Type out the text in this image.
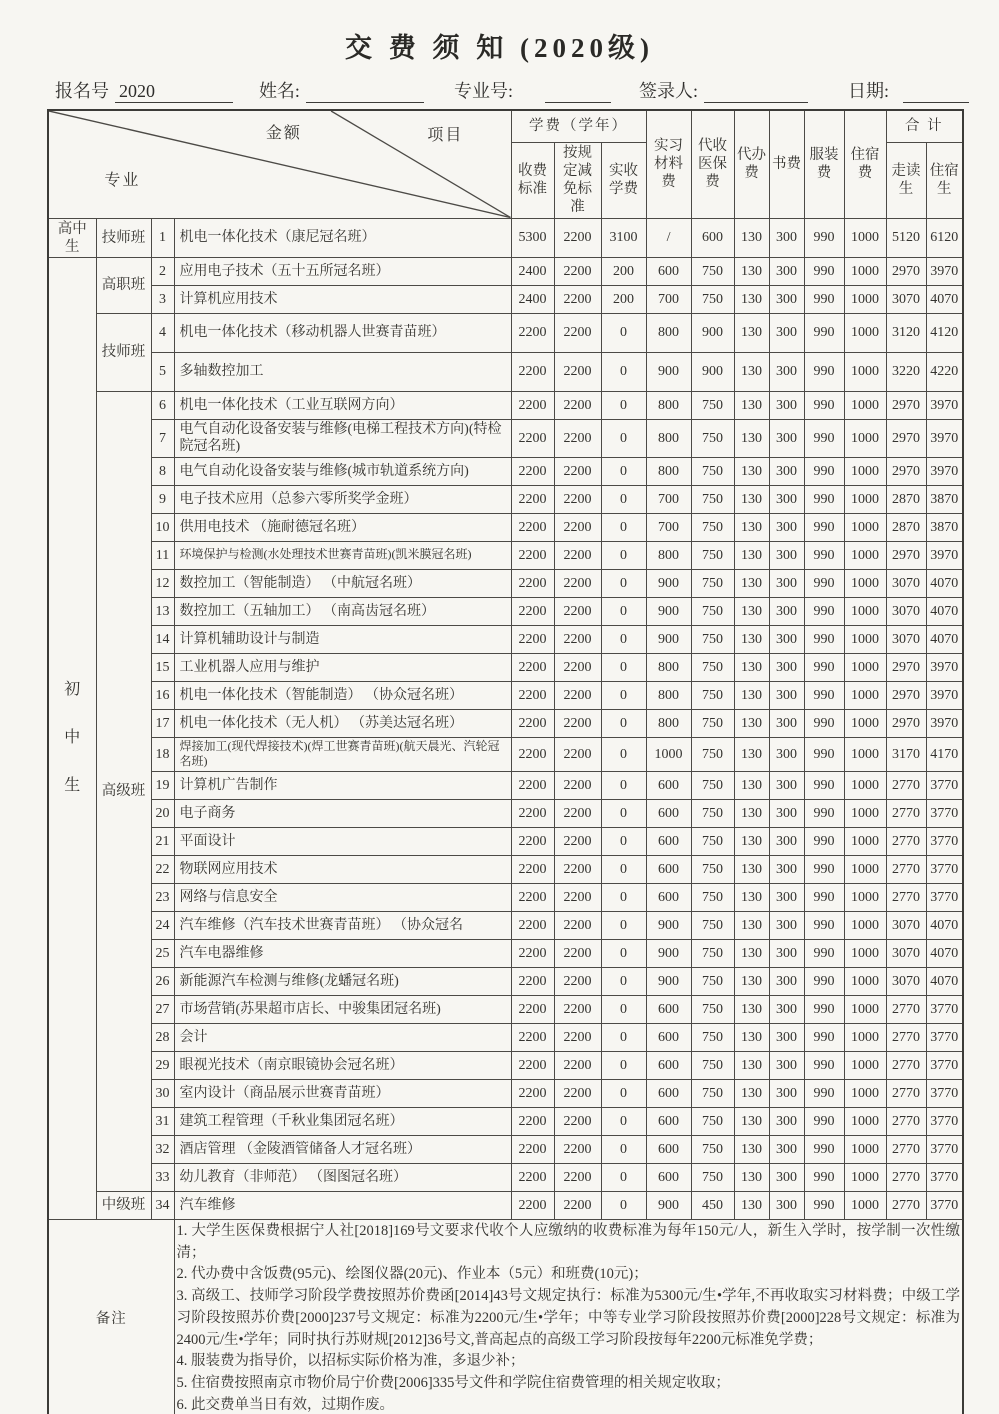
交 费 须 知 (2020级)
报名号 2020	姓名:	专业号:	签录人:	日期:
金额 项目
专业				学费（学年）			实习材料费	代收医保费	代办费	书费	服装费	住宿费	合 计	
				收费标准	按规定减免标准	实收学费							走读生	住宿生
高中生	技师班	1	机电一体化技术（康尼冠名班）	5300	2200	3100	/	600	130	300	990	1000	5120	6120

初
中
生	高职班	2	应用电子技术（五十五所冠名班）	2400	2200	200	600	750	130	300	990	1000	2970	3970
		3	计算机应用技术	2400	2200	200	700	750	130	300	990	1000	3070	4070
	技师班	4	机电一体化技术（移动机器人世赛青苗班）	2200	2200	0	800	900	130	300	990	1000	3120	4120
		5	多轴数控加工	2200	2200	0	900	900	130	300	990	1000	3220	4220
	高级班	6	机电一体化技术（工业互联网方向）	2200	2200	0	800	750	130	300	990	1000	2970	3970
		7	电气自动化设备安装与维修(电梯工程技术方向)(特检院冠名班)	2200	2200	0	800	750	130	300	990	1000	2970	3970
		8	电气自动化设备安装与维修(城市轨道系统方向)	2200	2200	0	800	750	130	300	990	1000	2970	3970
		9	电子技术应用（总参六零所奖学金班）	2200	2200	0	700	750	130	300	990	1000	2870	3870
		10	供用电技术 （施耐德冠名班）	2200	2200	0	700	750	130	300	990	1000	2870	3870
		11	环境保护与检测(水处理技术世赛青苗班)(凯米膜冠名班)	2200	2200	0	800	750	130	300	990	1000	2970	3970
		12	数控加工（智能制造） （中航冠名班）	2200	2200	0	900	750	130	300	990	1000	3070	4070
		13	数控加工（五轴加工） （南高齿冠名班）	2200	2200	0	900	750	130	300	990	1000	3070	4070
		14	计算机辅助设计与制造	2200	2200	0	900	750	130	300	990	1000	3070	4070
		15	工业机器人应用与维护	2200	2200	0	800	750	130	300	990	1000	2970	3970
		16	机电一体化技术（智能制造） （协众冠名班）	2200	2200	0	800	750	130	300	990	1000	2970	3970
		17	机电一体化技术（无人机） （苏美达冠名班）	2200	2200	0	800	750	130	300	990	1000	2970	3970
		18	焊接加工(现代焊接技术)(焊工世赛青苗班)(航天晨光、汽轮冠名班)	2200	2200	0	1000	750	130	300	990	1000	3170	4170
		19	计算机广告制作	2200	2200	0	600	750	130	300	990	1000	2770	3770
		20	电子商务	2200	2200	0	600	750	130	300	990	1000	2770	3770
		21	平面设计	2200	2200	0	600	750	130	300	990	1000	2770	3770
		22	物联网应用技术	2200	2200	0	600	750	130	300	990	1000	2770	3770
		23	网络与信息安全	2200	2200	0	600	750	130	300	990	1000	2770	3770
		24	汽车维修（汽车技术世赛青苗班） （协众冠名	2200	2200	0	900	750	130	300	990	1000	3070	4070
		25	汽车电器维修	2200	2200	0	900	750	130	300	990	1000	3070	4070
		26	新能源汽车检测与维修(龙蟠冠名班)	2200	2200	0	900	750	130	300	990	1000	3070	4070
		27	市场营销(苏果超市店长、中骏集团冠名班)	2200	2200	0	600	750	130	300	990	1000	2770	3770
		28	会计	2200	2200	0	600	750	130	300	990	1000	2770	3770
		29	眼视光技术（南京眼镜协会冠名班）	2200	2200	0	600	750	130	300	990	1000	2770	3770
		30	室内设计（商品展示世赛青苗班）	2200	2200	0	600	750	130	300	990	1000	2770	3770
		31	建筑工程管理（千秋业集团冠名班）	2200	2200	0	600	750	130	300	990	1000	2770	3770
		32	酒店管理 （金陵酒管储备人才冠名班）	2200	2200	0	600	750	130	300	990	1000	2770	3770
		33	幼儿教育（非师范） （图图冠名班）	2200	2200	0	600	750	130	300	990	1000	2770	3770
	中级班	34	汽车维修	2200	2200	0	900	450	130	300	990	1000	2770	3770
备注	
1. 大学生医保费根据宁人社[2018]169号文要求代收个人应缴纳的收费标准为每年150元/人，新生入学时，按学制一次性缴清；
2. 代办费中含饭费(95元)、绘图仪器(20元)、作业本（5元）和班费(10元)；
3. 高级工、技师学习阶段学费按照苏价费函[2014]43号文规定执行：标准为5300元/生•学年,不再收取实习材料费；中级工学习阶段按照苏价费[2000]237号文规定：标准为2200元/生•学年；中等专业学习阶段按照苏价费[2000]228号文规定：标准为2400元/生•学年；同时执行苏财规[2012]36号文,普高起点的高级工学习阶段按每年2200元标准免学费；
4. 服装费为指导价，以招标实际价格为准，多退少补；
5. 住宿费按照南京市物价局宁价费[2006]335号文件和学院住宿费管理的相关规定收取；
6. 此交费单当日有效，过期作废。
